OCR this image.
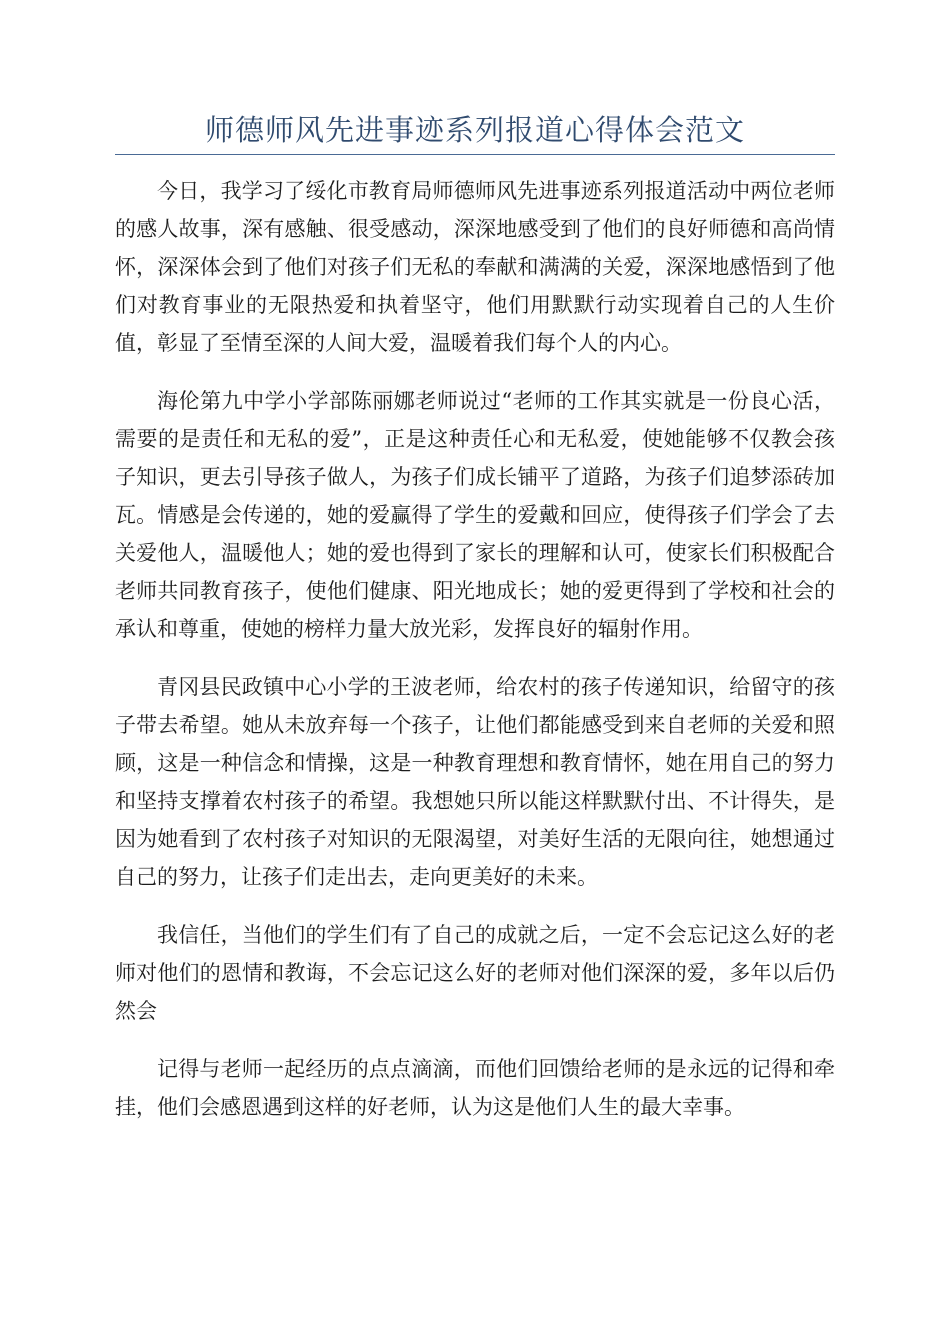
师德师风先进事迹系列报道心得体会范文

今日，我学习了绥化市教育局师德师风先进事迹系列报道活动中两位老师的感人故事，深有感触、很受感动，深深地感受到了他们的良好师德和高尚情怀，深深体会到了他们对孩子们无私的奉献和满满的关爱，深深地感悟到了他们对教育事业的无限热爱和执着坚守，他们用默默行动实现着自己的人生价值，彰显了至情至深的人间大爱，温暖着我们每个人的内心。

海伦第九中学小学部陈丽娜老师说过“老师的工作其实就是一份良心活，需要的是责任和无私的爱”，正是这种责任心和无私爱，使她能够不仅教会孩子知识，更去引导孩子做人，为孩子们成长铺平了道路，为孩子们追梦添砖加瓦。情感是会传递的，她的爱赢得了学生的爱戴和回应，使得孩子们学会了去关爱他人，温暖他人；她的爱也得到了家长的理解和认可，使家长们积极配合老师共同教育孩子，使他们健康、阳光地成长；她的爱更得到了学校和社会的承认和尊重，使她的榜样力量大放光彩，发挥良好的辐射作用。

青冈县民政镇中心小学的王波老师，给农村的孩子传递知识，给留守的孩子带去希望。她从未放弃每一个孩子，让他们都能感受到来自老师的关爱和照顾，这是一种信念和情操，这是一种教育理想和教育情怀，她在用自己的努力和坚持支撑着农村孩子的希望。我想她只所以能这样默默付出、不计得失，是因为她看到了农村孩子对知识的无限渴望，对美好生活的无限向往，她想通过自己的努力，让孩子们走出去，走向更美好的未来。

我信任，当他们的学生们有了自己的成就之后，一定不会忘记这么好的老师对他们的恩情和教诲，不会忘记这么好的老师对他们深深的爱，多年以后仍然会

记得与老师一起经历的点点滴滴，而他们回馈给老师的是永远的记得和牵挂，他们会感恩遇到这样的好老师，认为这是他们人生的最大幸事。
